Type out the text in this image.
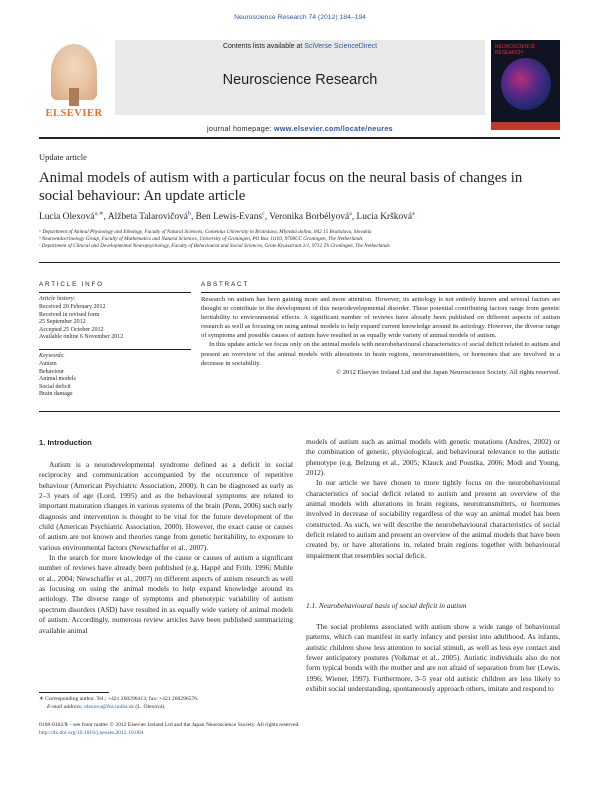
Neuroscience Research 74 (2012) 184–194
ELSEVIER
Contents lists available at SciVerse ScienceDirect
Neuroscience Research
journal homepage: www.elsevier.com/locate/neures
NEUROSCIENCE RESEARCH
Update article
Animal models of autism with a particular focus on the neural basis of changes in social behaviour: An update article
Lucia Olexová$^{a,∗}$, Alžbeta Talarovičová$^b$, Ben Lewis-Evans$^c$, Veronika Borbélyová$^a$, Lucia Kršková$^a$
ᵃ Department of Animal Physiology and Ethology, Faculty of Natural Sciences, Comenius University in Bratislava, Mlynská dolina, 842 15 Bratislava, Slovakia
ᵇ Neuroendocrinology Group, Faculty of Mathematics and Natural Sciences, University of Groningen, PO Box 11103, 9700CC Groningen, The Netherlands
ᶜ Department of Clinical and Developmental Neuropsychology, Faculty of Behavioural and Social Sciences, Grote Kruisstraat 2/1, 9712 TS Groningen, The Netherlands
ARTICLE INFO
Article history:
Received 20 February 2012
Received in revised form
25 September 2012
Accepted 25 October 2012
Available online 6 November 2012
Keywords:
Autism
Behaviour
Animal models
Social deficit
Brain damage
ABSTRACT

Research on autism has been gaining more and more attention. However, its aetiology is not entirely known and several factors are thought to contribute to the development of this neurodevelopmental disorder. These potential contributing factors range from genetic heritability to environmental effects. A significant number of reviews have already been published on different aspects of autism research as well as focusing on using animal models to help expand current knowledge around its aetiology. However, the diverse range of symptoms and possible causes of autism have resulted in as equally wide variety of animal models of autism.

In this update article we focus only on the animal models with neurobehavioural characteristics of social deficit related to autism and present an overview of the animal models with alterations in brain regions, neurotransmitters, or hormones that are involved in a decrease in sociability.

© 2012 Elsevier Ireland Ltd and the Japan Neuroscience Society. All rights reserved.

1. Introduction

Autism is a neurodevelopmental syndrome defined as a deficit in social reciprocity and communication accompanied by the occurrence of repetitive behaviour (American Psychiatric Association, 2000). It can be diagnosed as early as 2–3 years of age (Lord, 1995) and as the behavioural symptoms are related to important maturation changes in various systems of the brain (Penn, 2006) such early diagnosis and intervention is thought to be vital for the future development of the child (American Psychiatric Association, 2000). However, the exact cause or causes of autism are not known and theories range from genetic heritability, to exposure to various environmental factors (Newschaffer et al., 2007).

In the search for more knowledge of the cause or causes of autism a significant number of reviews have already been published (e.g. Happé and Frith, 1996; Muhle et al., 2004; Newschaffer et al., 2007) on different aspects of autism research as well as focusing on using the animal models to help expand knowledge around its aetiology. The diverse range of symptoms and phenotypic variability of autism spectrum disorders (ASD) have resulted in as equally wide variety of animal models of autism. Accordingly, numerous review articles have been published summarizing available animal

models of autism such as animal models with genetic mutations (Andres, 2002) or the combination of genetic, physiological, and behavioural relevance to the autistic phenotype (e.g. Belzung et al., 2005; Klauck and Poustka, 2006; Modi and Young, 2012).

In our article we have chosen to more tightly focus on the neurobehavioural characteristics of social deficit related to autism and present an overview of the animal models with alterations in brain regions, neurotransmitters, or hormones involved in decrease of sociability regardless of the way an animal model has been constructed. As such, we will describe the neurobehavioural characteristics of social deficit related to autism and present an overview of the animal models that have been created by, or have alterations in, related brain regions together with behavioural impairment that resembles social deficit.

1.1. Neurobehavioural basis of social deficit in autism

The social problems associated with autism show a wide range of behavioural patterns, which can manifest in early infancy and persist into adulthood. As infants, autistic children show less attention to social stimuli, as well as less eye contact and fewer anticipatory postures (Volkmar et al., 2005). Autistic individuals also do not form typical bonds with the mother and are not afraid of separation from her (Lewis, 1996; Wiener, 1997). Furthermore, 3–5 year old autistic children are less likely to exhibit social understanding, spontaneously approach others, imitate and respond to

∗ Corresponding author. Tel.: +421 260296413; fax: +421 260296576.
E-mail address: olexova@fns.uniba.sk (L. Olexová).
0168-0102/$ – see front matter © 2012 Elsevier Ireland Ltd and the Japan Neuroscience Society. All rights reserved.
http://dx.doi.org/10.1016/j.neures.2012.10.004
